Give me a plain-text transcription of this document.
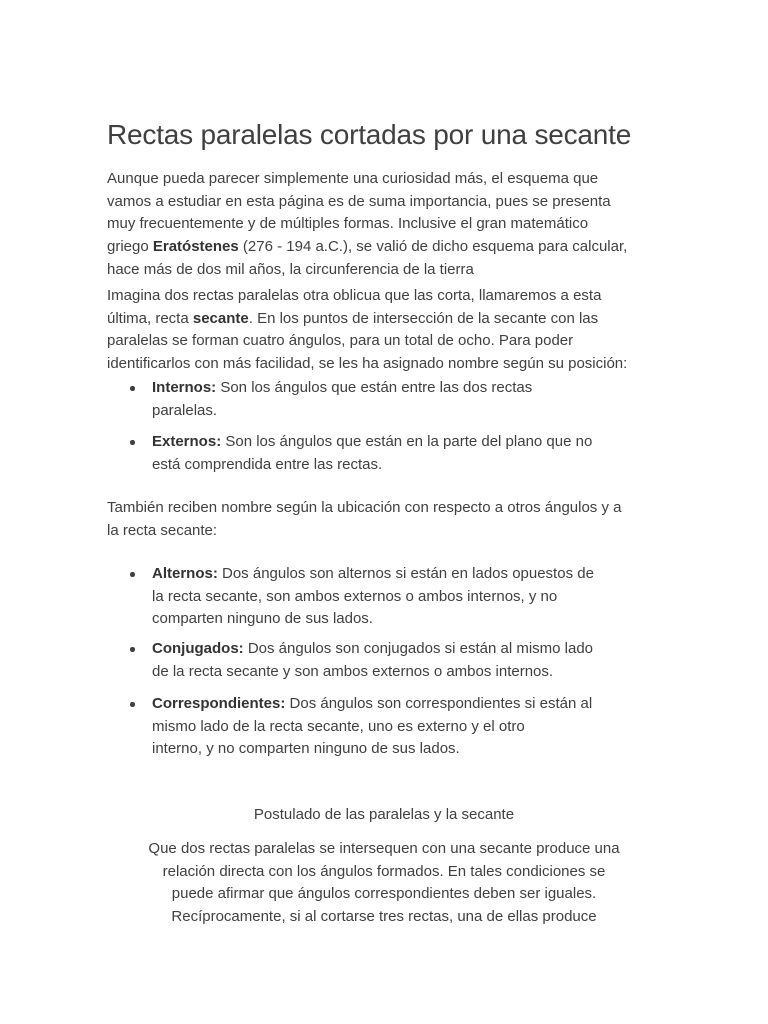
Rectas paralelas cortadas por una secante

Aunque pueda parecer simplemente una curiosidad más, el esquema que
vamos a estudiar en esta página es de suma importancia, pues se presenta
muy frecuentemente y de múltiples formas. Inclusive el gran matemático
griego Eratóstenes (276 - 194 a.C.), se valió de dicho esquema para calcular,
hace más de dos mil años, la circunferencia de la tierra

Imagina dos rectas paralelas otra oblicua que las corta, llamaremos a esta
última, recta secante. En los puntos de intersección de la secante con las
paralelas se forman cuatro ángulos, para un total de ocho. Para poder
identificarlos con más facilidad, se les ha asignado nombre según su posición:

Internos: Son los ángulos que están entre las dos rectas
paralelas.
Externos: Son los ángulos que están en la parte del plano que no
está comprendida entre las rectas.

También reciben nombre según la ubicación con respecto a otros ángulos y a
la recta secante:

Alternos: Dos ángulos son alternos si están en lados opuestos de
la recta secante, son ambos externos o ambos internos, y no
comparten ninguno de sus lados.
Conjugados: Dos ángulos son conjugados si están al mismo lado
de la recta secante y son ambos externos o ambos internos.
Correspondientes: Dos ángulos son correspondientes si están al
mismo lado de la recta secante, uno es externo y el otro
interno, y no comparten ninguno de sus lados.

Postulado de las paralelas y la secante

Que dos rectas paralelas se intersequen con una secante produce una
relación directa con los ángulos formados. En tales condiciones se
puede afirmar que ángulos correspondientes deben ser iguales.
Recíprocamente, si al cortarse tres rectas, una de ellas produce
